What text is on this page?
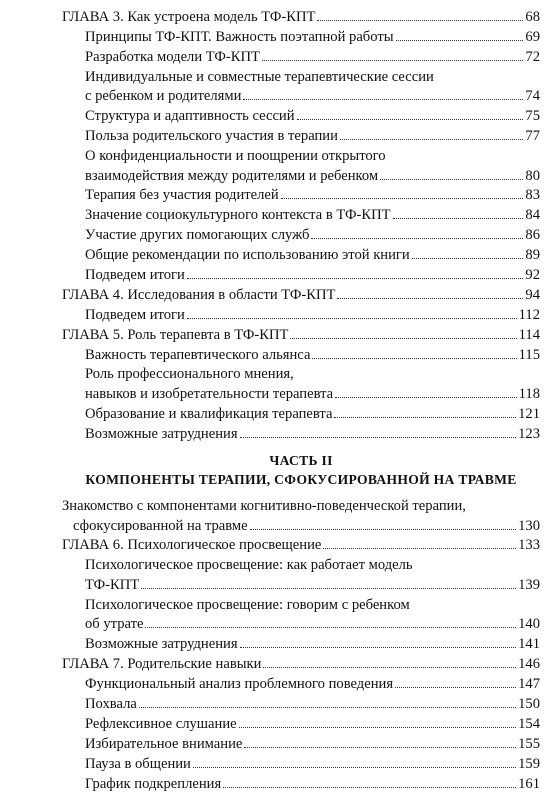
ГЛАВА 3. Как устроена модель ТФ-КПТ	68
Принципы ТФ-КПТ. Важность поэтапной работы	69
Разработка модели ТФ-КПТ	72
Индивидуальные и совместные терапевтические сессии
с ребенком и родителями	74
Структура и адаптивность сессий	75
Польза родительского участия в терапии	77
О конфиденциальности и поощрении открытого
взаимодействия между родителями и ребенком	80
Терапия без участия родителей	83
Значение социокультурного контекста в ТФ-КПТ	84
Участие других помогающих служб	86
Общие рекомендации по использованию этой книги	89
Подведем итоги	92
ГЛАВА 4. Исследования в области ТФ-КПТ	94
Подведем итоги	112
ГЛАВА 5. Роль терапевта в ТФ-КПТ	114
Важность терапевтического альянса	115
Роль профессионального мнения,
навыков и изобретательности терапевта	118
Образование и квалификация терапевта	121
Возможные затруднения	123
ЧАСТЬ II
КОМПОНЕНТЫ ТЕРАПИИ, СФОКУСИРОВАННОЙ НА ТРАВМЕ
Знакомство с компонентами когнитивно-поведенческой терапии,
сфокусированной на травме	130
ГЛАВА 6. Психологическое просвещение	133
Психологическое просвещение: как работает модель
ТФ-КПТ	139
Психологическое просвещение: говорим с ребенком
об утрате	140
Возможные затруднения	141
ГЛАВА 7. Родительские навыки	146
Функциональный анализ проблемного поведения	147
Похвала	150
Рефлексивное слушание	154
Избирательное внимание	155
Пауза в общении	159
График подкрепления	161
